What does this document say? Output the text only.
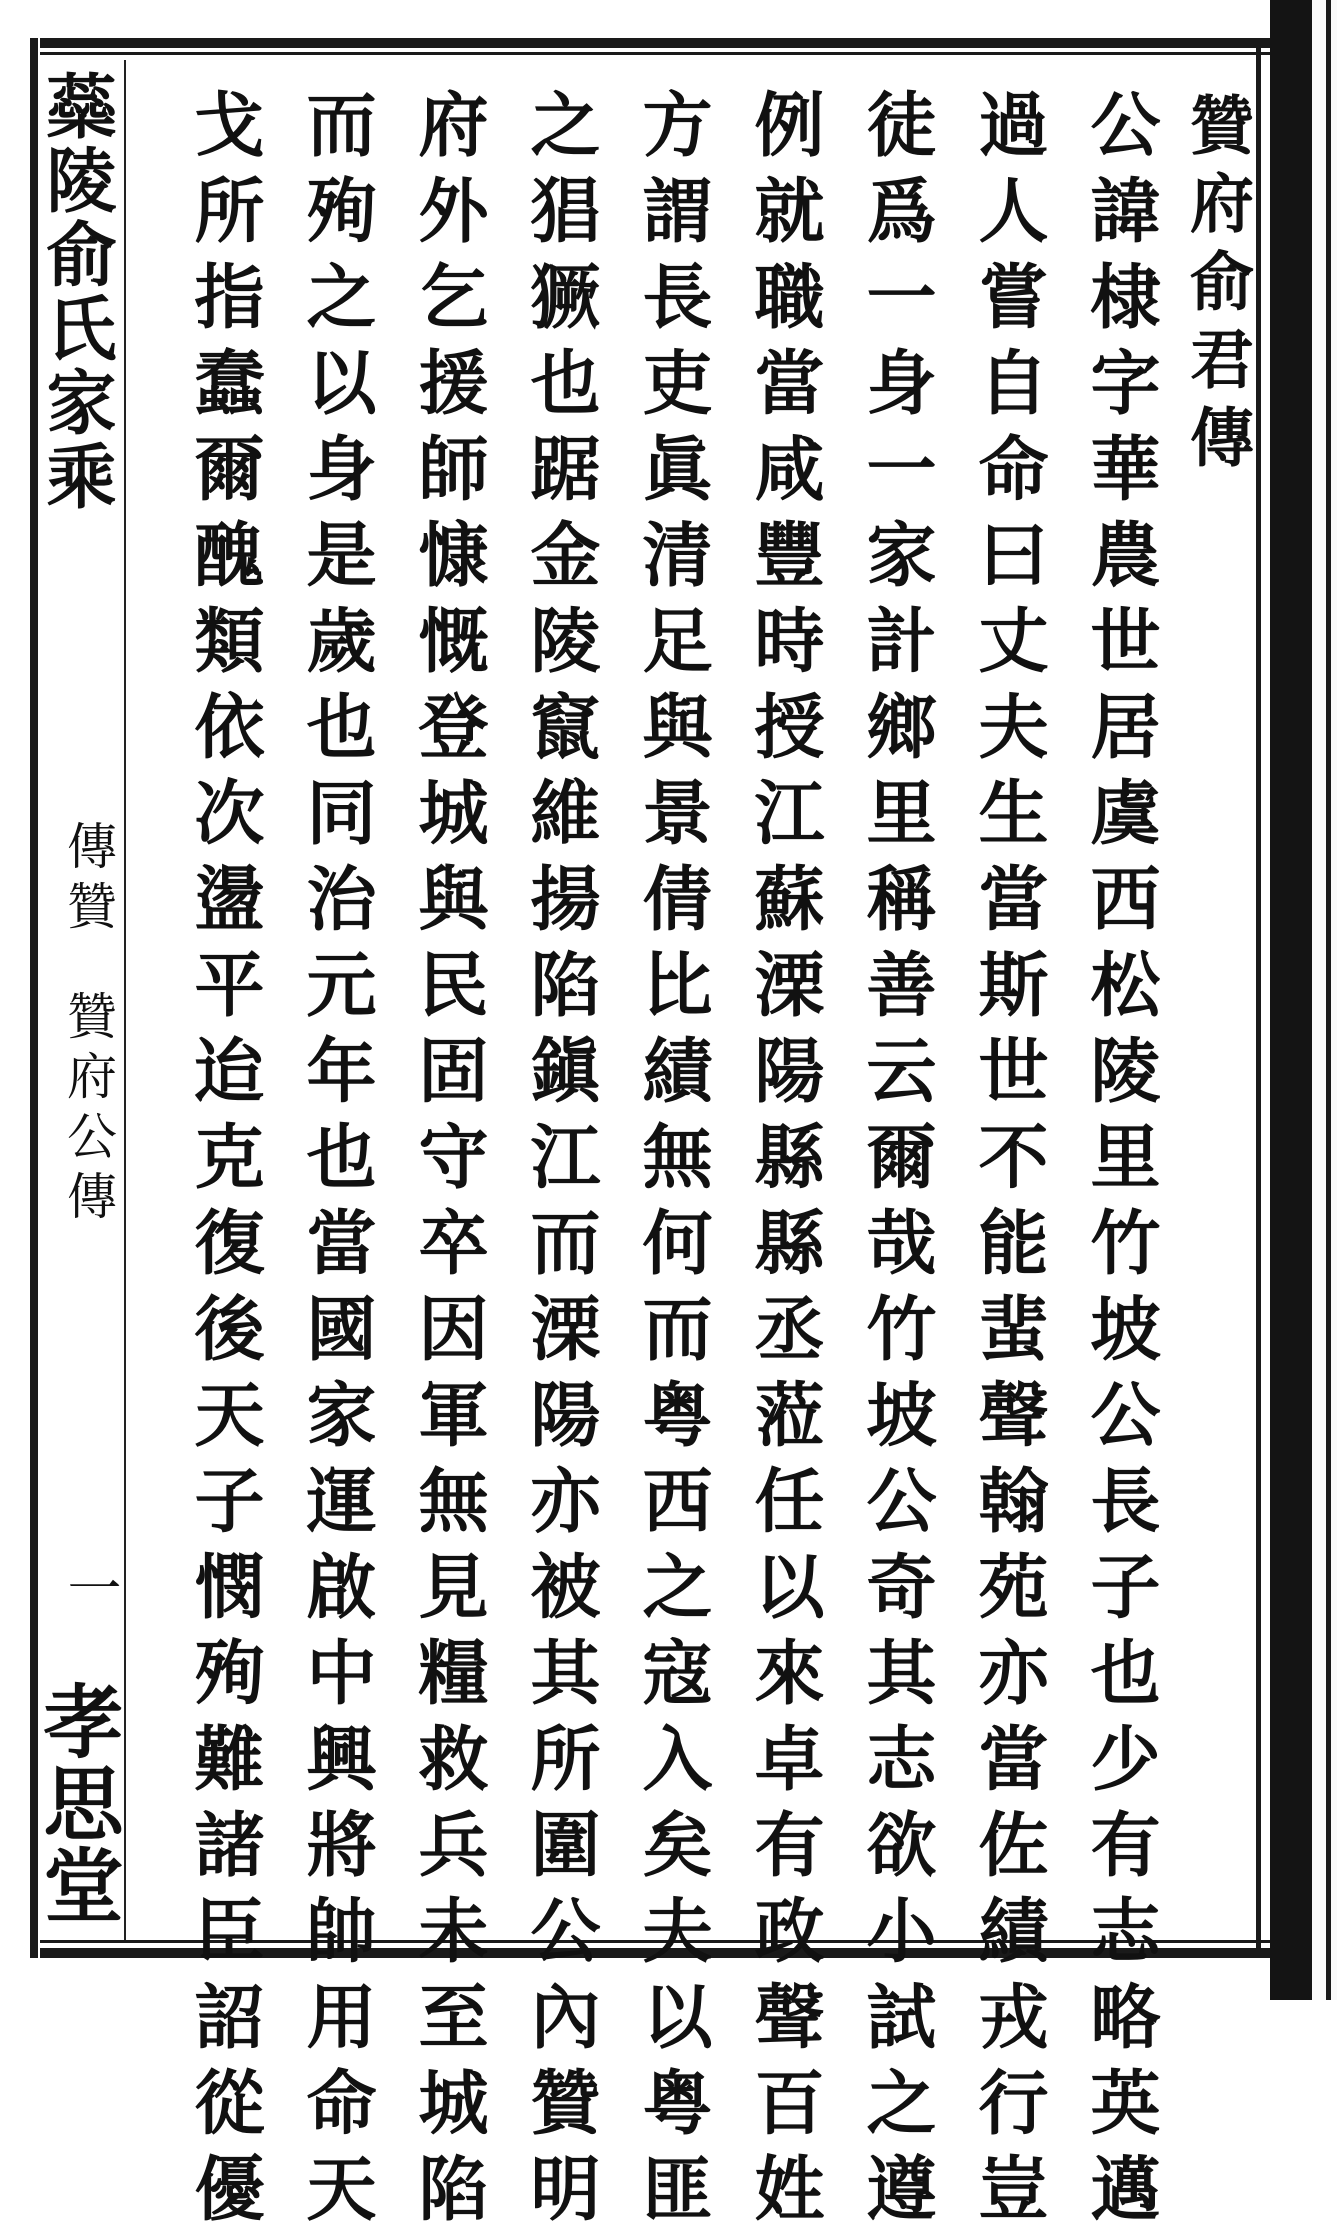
蘂陵俞氏家乘
傳贊
贊府公傳
一
孝思堂
贊府俞君傳
公諱棣字華農世居虞西松陵里竹坡公長子也少有志略英邁
過人嘗自命曰丈夫生當斯世不能蜚聲翰苑亦當佐績戎行豈
徒爲一身一家計鄉里稱善云爾哉竹坡公奇其志欲小試之遵
例就職當咸豐時授江蘇溧陽縣縣丞蒞任以來卓有政聲百姓
方謂長吏眞清足與景倩比績無何而粤西之寇入矣夫以粤匪
之猖獗也踞金陵竄維揚陷鎭江而溧陽亦被其所圍公內贊明
府外乞援師慷慨登城與民固守卒因軍無見糧救兵未至城陷
而殉之以身是歲也同治元年也當國家運啟中興將帥用命天
戈所指蠢爾醜類依次盪平迨克復後天子憫殉難諸臣詔從優
